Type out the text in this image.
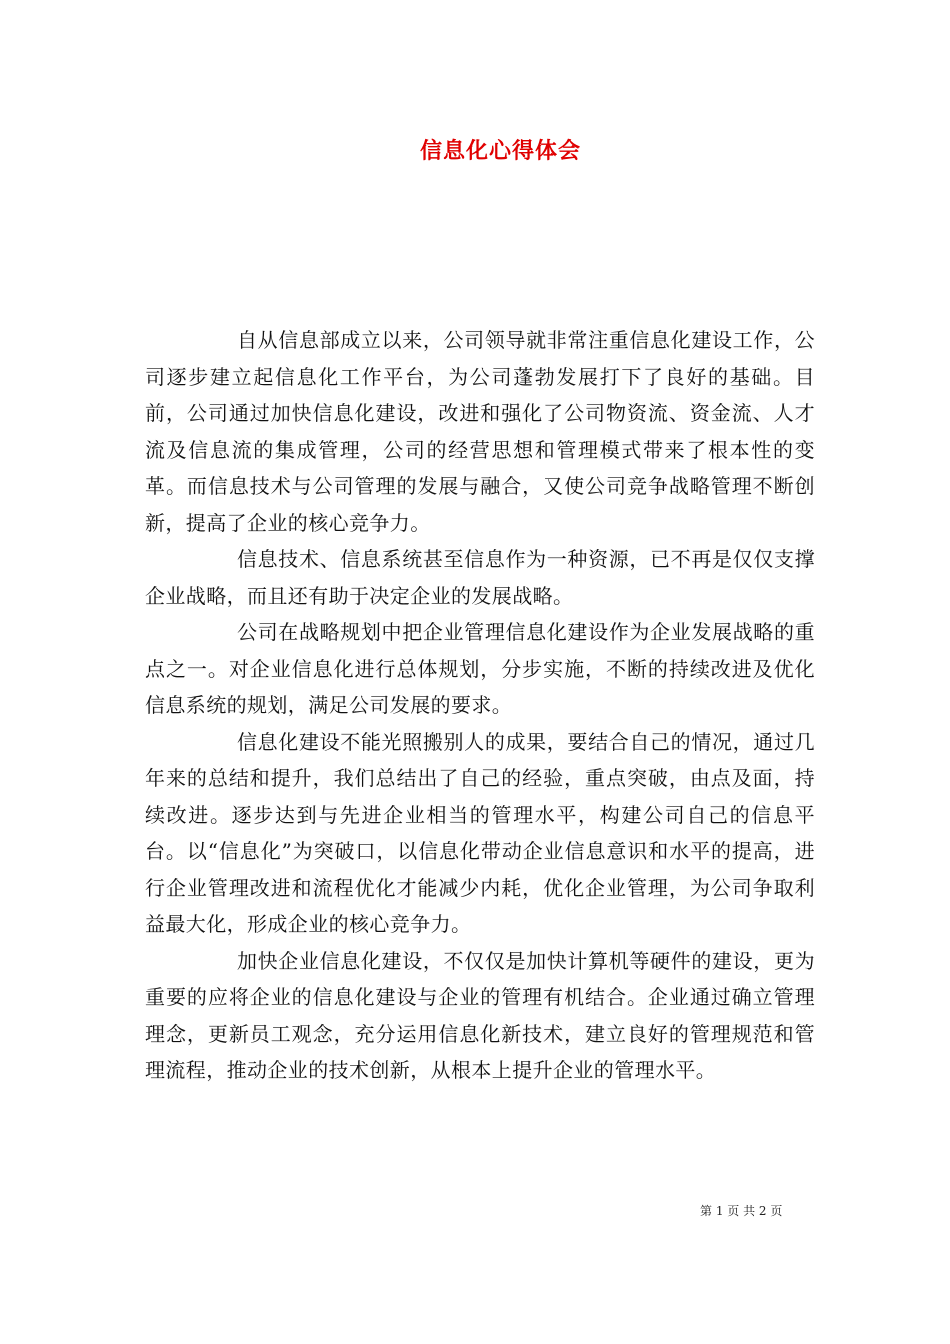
信息化心得体会

自从信息部成立以来，公司领导就非常注重信息化建设工作，公司逐步建立起信息化工作平台，为公司蓬勃发展打下了良好的基础。目前，公司通过加快信息化建设，改进和强化了公司物资流、资金流、人才流及信息流的集成管理，公司的经营思想和管理模式带来了根本性的变革。而信息技术与公司管理的发展与融合，又使公司竞争战略管理不断创新，提高了企业的核心竞争力。

信息技术、信息系统甚至信息作为一种资源，已不再是仅仅支撑企业战略，而且还有助于决定企业的发展战略。

公司在战略规划中把企业管理信息化建设作为企业发展战略的重点之一。对企业信息化进行总体规划，分步实施，不断的持续改进及优化信息系统的规划，满足公司发展的要求。

信息化建设不能光照搬别人的成果，要结合自己的情况，通过几年来的总结和提升，我们总结出了自己的经验，重点突破，由点及面，持续改进。逐步达到与先进企业相当的管理水平，构建公司自己的信息平台。以“信息化”为突破口，以信息化带动企业信息意识和水平的提高，进行企业管理改进和流程优化才能减少内耗，优化企业管理，为公司争取利益最大化，形成企业的核心竞争力。

加快企业信息化建设，不仅仅是加快计算机等硬件的建设，更为重要的应将企业的信息化建设与企业的管理有机结合。企业通过确立管理理念，更新员工观念，充分运用信息化新技术，建立良好的管理规范和管理流程，推动企业的技术创新，从根本上提升企业的管理水平。

第 1 页 共 2 页
